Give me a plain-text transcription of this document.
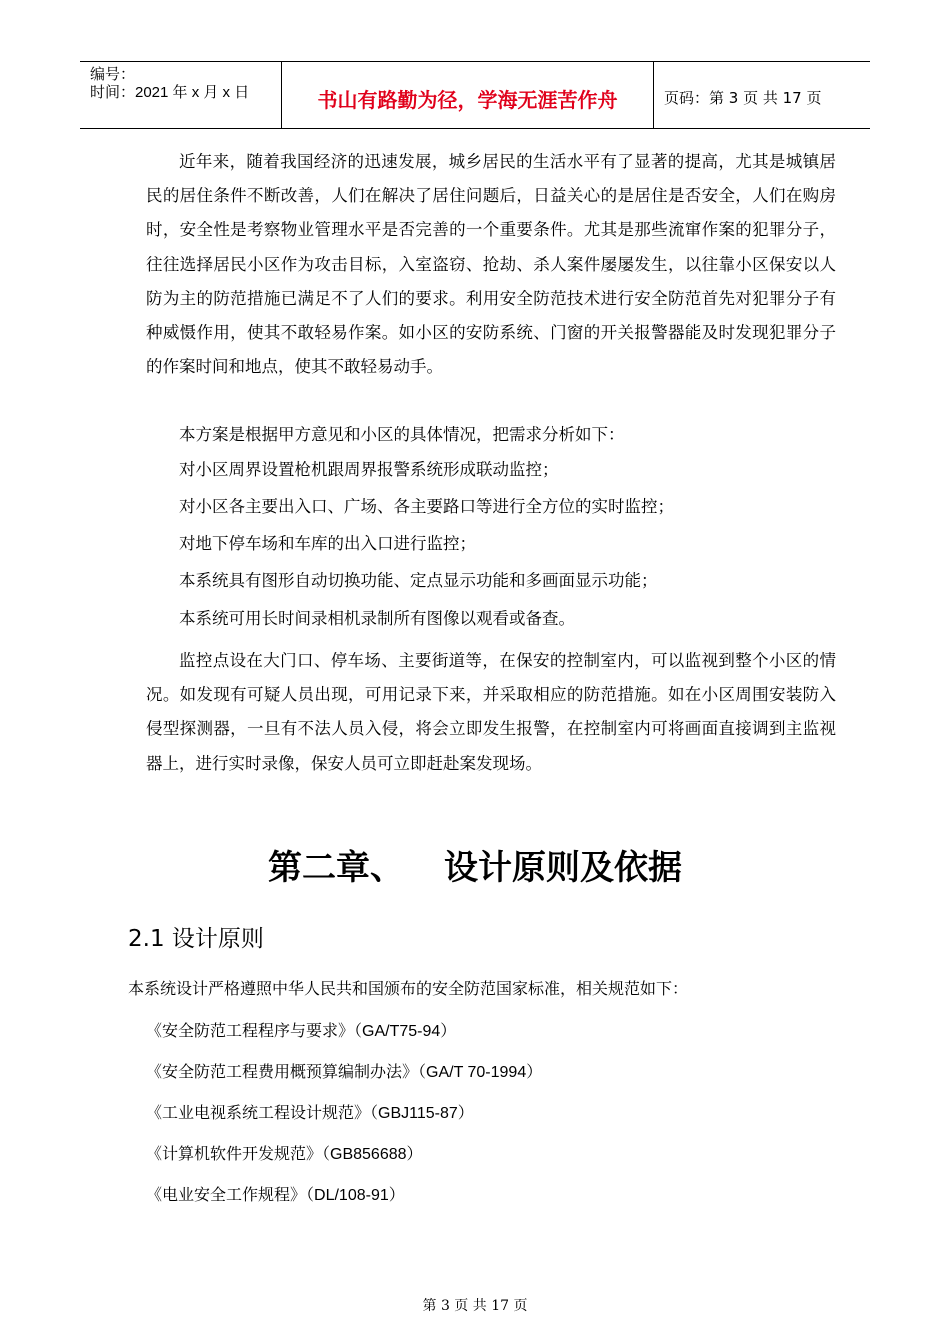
编号：
时间：2021 年 x 月 x 日	书山有路勤为径，学海无涯苦作舟	页码：第 3 页 共 17 页
近年来，随着我国经济的迅速发展，城乡居民的生活水平有了显著的提高，尤其是城镇居民的居住条件不断改善，人们在解决了居住问题后，日益关心的是居住是否安全，人们在购房时，安全性是考察物业管理水平是否完善的一个重要条件。尤其是那些流窜作案的犯罪分子，往往选择居民小区作为攻击目标，入室盗窃、抢劫、杀人案件屡屡发生，以往靠小区保安以人防为主的防范措施已满足不了人们的要求。利用安全防范技术进行安全防范首先对犯罪分子有种威慑作用，使其不敢轻易作案。如小区的安防系统、门窗的开关报警器能及时发现犯罪分子的作案时间和地点，使其不敢轻易动手。
本方案是根据甲方意见和小区的具体情况，把需求分析如下：
对小区周界设置枪机跟周界报警系统形成联动监控；
对小区各主要出入口、广场、各主要路口等进行全方位的实时监控；
对地下停车场和车库的出入口进行监控；
本系统具有图形自动切换功能、定点显示功能和多画面显示功能；
本系统可用长时间录相机录制所有图像以观看或备查。
监控点设在大门口、停车场、主要街道等，在保安的控制室内，可以监视到整个小区的情况。如发现有可疑人员出现，可用记录下来，并采取相应的防范措施。如在小区周围安装防入侵型探测器，一旦有不法人员入侵，将会立即发生报警，在控制室内可将画面直接调到主监视器上，进行实时录像，保安人员可立即赶赴案发现场。
第二章、 设计原则及依据
2.1 设计原则
本系统设计严格遵照中华人民共和国颁布的安全防范国家标准，相关规范如下：
《安全防范工程程序与要求》（GA/T75-94）
《安全防范工程费用概预算编制办法》（GA/T 70-1994）
《工业电视系统工程设计规范》（GBJ115-87）
《计算机软件开发规范》（GB856688）
《电业安全工作规程》（DL/108-91）
第 3 页 共 17 页
